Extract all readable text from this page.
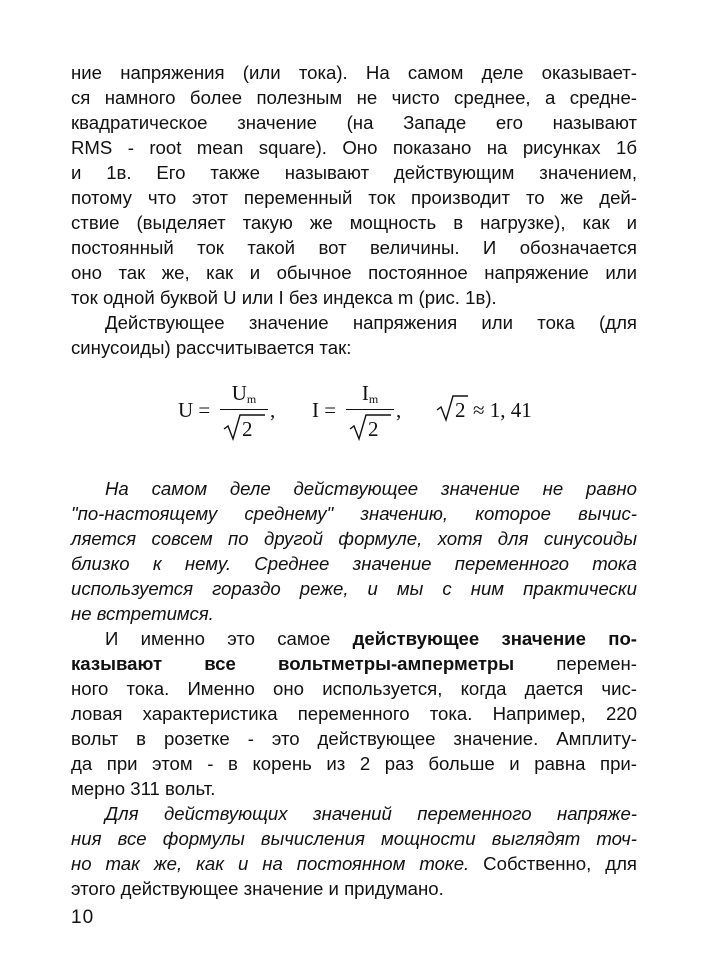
ние напряжения (или тока). На самом деле оказывает-
ся намного более полезным не чисто среднее, а средне-
квадратическое значение (на Западе его называют
RMS - root mean square). Оно показано на рисунках 1б
и 1в. Его также называют действующим значением,
потому что этот переменный ток производит то же дей-
ствие (выделяет такую же мощность в нагрузке), как и
постоянный ток такой вот величины. И обозначается
оно так же, как и обычное постоянное напряжение или
ток одной буквой U или I без индекса m (рис. 1в).
Действующее значение напряжения или тока (для
синусоиды) рассчитывается так:
U =
$U_m$
2
, I =
$I_m$
2
,	2 ≈ 1, 41
На самом деле действующее значение не равно
"по-настоящему среднему" значению, которое вычис-
ляется совсем по другой формуле, хотя для синусоиды
близко к нему. Среднее значение переменного тока
используется гораздо реже, и мы с ним практически
не встретимся.
И именно это самое действующее значение по-
казывают все вольтметры-амперметры перемен-
ного тока. Именно оно используется, когда дается чис-
ловая характеристика переменного тока. Например, 220
вольт в розетке - это действующее значение. Амплиту-
да при этом - в корень из 2 раз больше и равна при-
мерно 311 вольт.
Для действующих значений переменного напряже-
ния все формулы вычисления мощности выглядят точ-
но так же, как и на постоянном токе. Собственно, для
этого действующее значение и придумано.
10
